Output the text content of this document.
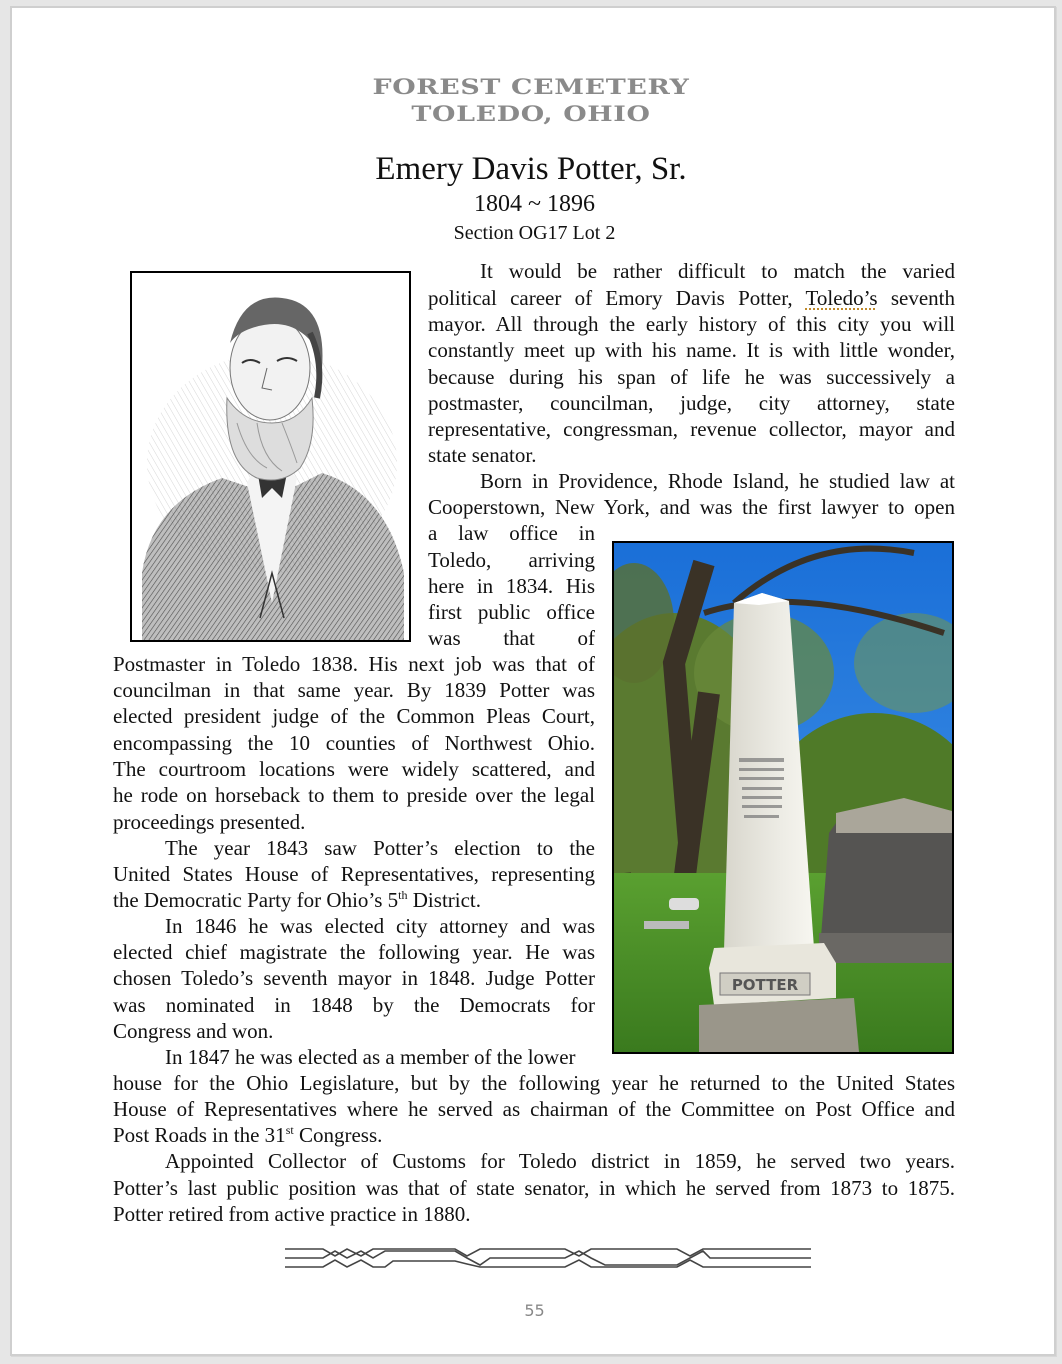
FOREST CEMETERY
TOLEDO, OHIO
Emery Davis Potter, Sr.
1804 ~ 1896
Section OG17 Lot 2
POTTER
It would be rather difficult to match the varied
political career of Emory Davis Potter, Toledo’s seventh
mayor. All through the early history of this city you will
constantly meet up with his name. It is with little wonder,
because during his span of life he was successively a
postmaster, councilman, judge, city attorney, state
representative, congressman, revenue collector, mayor and
state senator.
Born in Providence, Rhode Island, he studied law at
Cooperstown, New York, and was the first lawyer to open
a law office in
Toledo, arriving
here in 1834. His
first public office
was that of
Postmaster in Toledo 1838. His next job was that of
councilman in that same year. By 1839 Potter was
elected president judge of the Common Pleas Court,
encompassing the 10 counties of Northwest Ohio.
The courtroom locations were widely scattered, and
he rode on horseback to them to preside over the legal
proceedings presented.
The year 1843 saw Potter’s election to the
United States House of Representatives, representing
the Democratic Party for Ohio’s 5th District.
In 1846 he was elected city attorney and was
elected chief magistrate the following year. He was
chosen Toledo’s seventh mayor in 1848. Judge Potter
was nominated in 1848 by the Democrats for
Congress and won.
In 1847 he was elected as a member of the lower
house for the Ohio Legislature, but by the following year he returned to the United States
House of Representatives where he served as chairman of the Committee on Post Office and
Post Roads in the 31st Congress.
Appointed Collector of Customs for Toledo district in 1859, he served two years.
Potter’s last public position was that of state senator, in which he served from 1873 to 1875.
Potter retired from active practice in 1880.
55
